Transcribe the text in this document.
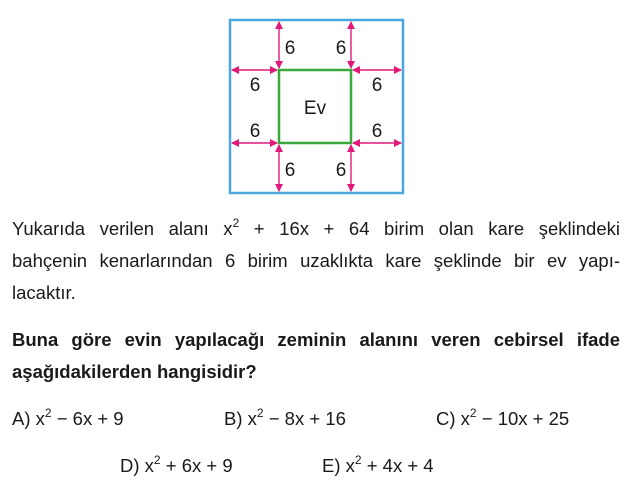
6 6
6	6
Ev
6	6
6 6
Yukarıda verilen alanı $x^2 + 16x + 64$ birim olan kare şeklindeki
bahçenin kenarlarından 6 birim uzaklıkta kare şeklinde bir ev yapı-
lacaktır.
Buna göre evin yapılacağı zeminin alanını veren cebirsel ifade
aşağıdakilerden hangisidir?
A) $x^2 - 6x + 9$	B) $x^2 - 8x + 16$	C) $x^2 - 10x + 25$
D) $x^2 + 6x + 9$	E) $x^2 + 4x + 4$
